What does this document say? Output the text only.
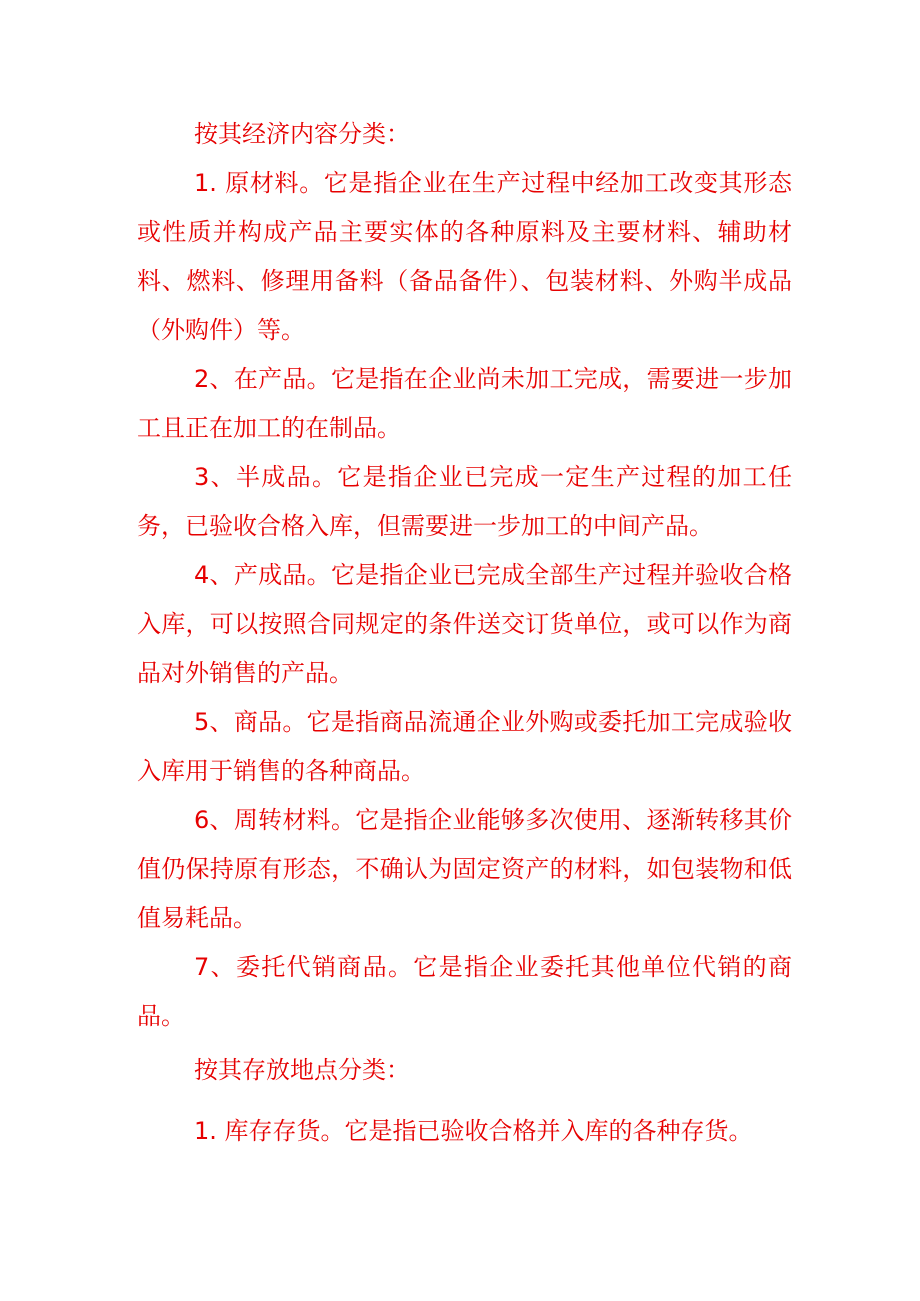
按其经济内容分类：

1. 原材料。它是指企业在生产过程中经加工改变其形态或性质并构成产品主要实体的各种原料及主要材料、辅助材料、燃料、修理用备料（备品备件）、包装材料、外购半成品（外购件）等。

2、在产品。它是指在企业尚未加工完成，需要进一步加工且正在加工的在制品。

3、半成品。它是指企业已完成一定生产过程的加工任务，已验收合格入库，但需要进一步加工的中间产品。

4、产成品。它是指企业已完成全部生产过程并验收合格入库，可以按照合同规定的条件送交订货单位，或可以作为商品对外销售的产品。

5、商品。它是指商品流通企业外购或委托加工完成验收入库用于销售的各种商品。

6、周转材料。它是指企业能够多次使用、逐渐转移其价值仍保持原有形态，不确认为固定资产的材料，如包装物和低值易耗品。

7、委托代销商品。它是指企业委托其他单位代销的商品。

按其存放地点分类：

1. 库存存货。它是指已验收合格并入库的各种存货。
